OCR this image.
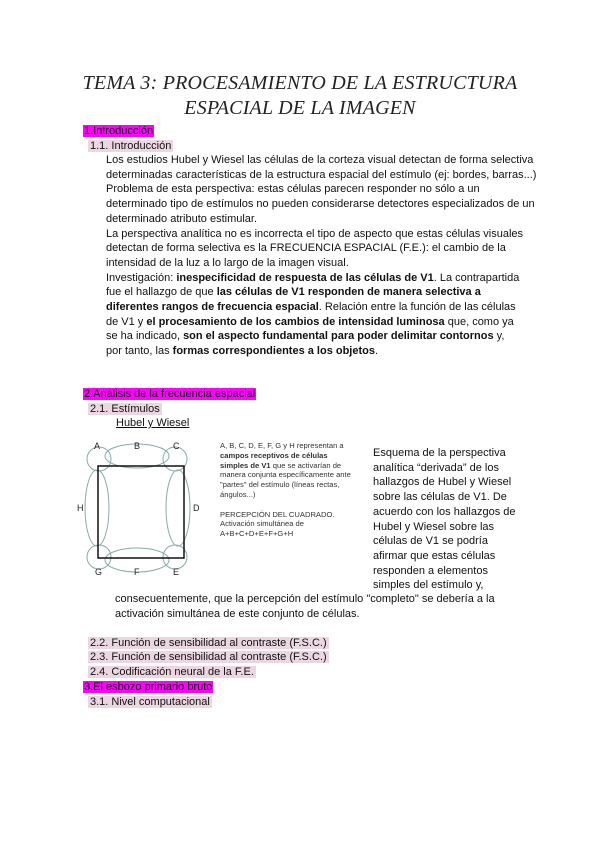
TEMA 3: PROCESAMIENTO DE LA ESTRUCTURA
ESPACIAL DE LA IMAGEN
1.Introducción
1.1. Introducción
Los estudios Hubel y Wiesel las células de la corteza visual detectan de forma selectiva
determinadas características de la estructura espacial del estímulo (ej: bordes, barras...)
Problema de esta perspectiva: estas células parecen responder no sólo a un
determinado tipo de estímulos no pueden considerarse detectores especializados de un
determinado atributo estimular.
La perspectiva analítica no es incorrecta el tipo de aspecto que estas células visuales
detectan de forma selectiva es la FRECUENCIA ESPACIAL (F.E.): el cambio de la
intensidad de la luz a lo largo de la imagen visual.
Investigación: inespecificidad de respuesta de las células de V1. La contrapartida
fue el hallazgo de que las células de V1 responden de manera selectiva a
diferentes rangos de frecuencia espacial. Relación entre la función de las células
de V1 y el procesamiento de los cambios de intensidad luminosa que, como ya
se ha indicado, son el aspecto fundamental para poder delimitar contornos y,
por tanto, las formas correspondientes a los objetos.
2.Análisis de la frecuencia espacial
2.1. Estímulos
Hubel y Wiesel
A	B	C
H	D
G	F	E
A, B, C, D, E, F, G y H representan a
campos receptivos de células
simples de V1 que se activarían de
manera conjunta específicamente ante
"partes" del estímulo (líneas rectas,
ángulos...)
PERCEPCIÓN DEL CUADRADO.
Activación simultánea de
A+B+C+D+E+F+G+H
Esquema de la perspectiva
analítica “derivada” de los
hallazgos de Hubel y Wiesel
sobre las células de V1. De
acuerdo con los hallazgos de
Hubel y Wiesel sobre las
células de V1 se podría
afirmar que estas células
responden a elementos
simples del estímulo y,
consecuentemente, que la percepción del estímulo "completo" se debería a la
activación simultánea de este conjunto de células.
2.2. Función de sensibilidad al contraste (F.S.C.)
2.3. Función de sensibilidad al contraste (F.S.C.)
2.4. Codificación neural de la F.E.
3.El esbozo primario bruto
3.1. Nivel computacional
